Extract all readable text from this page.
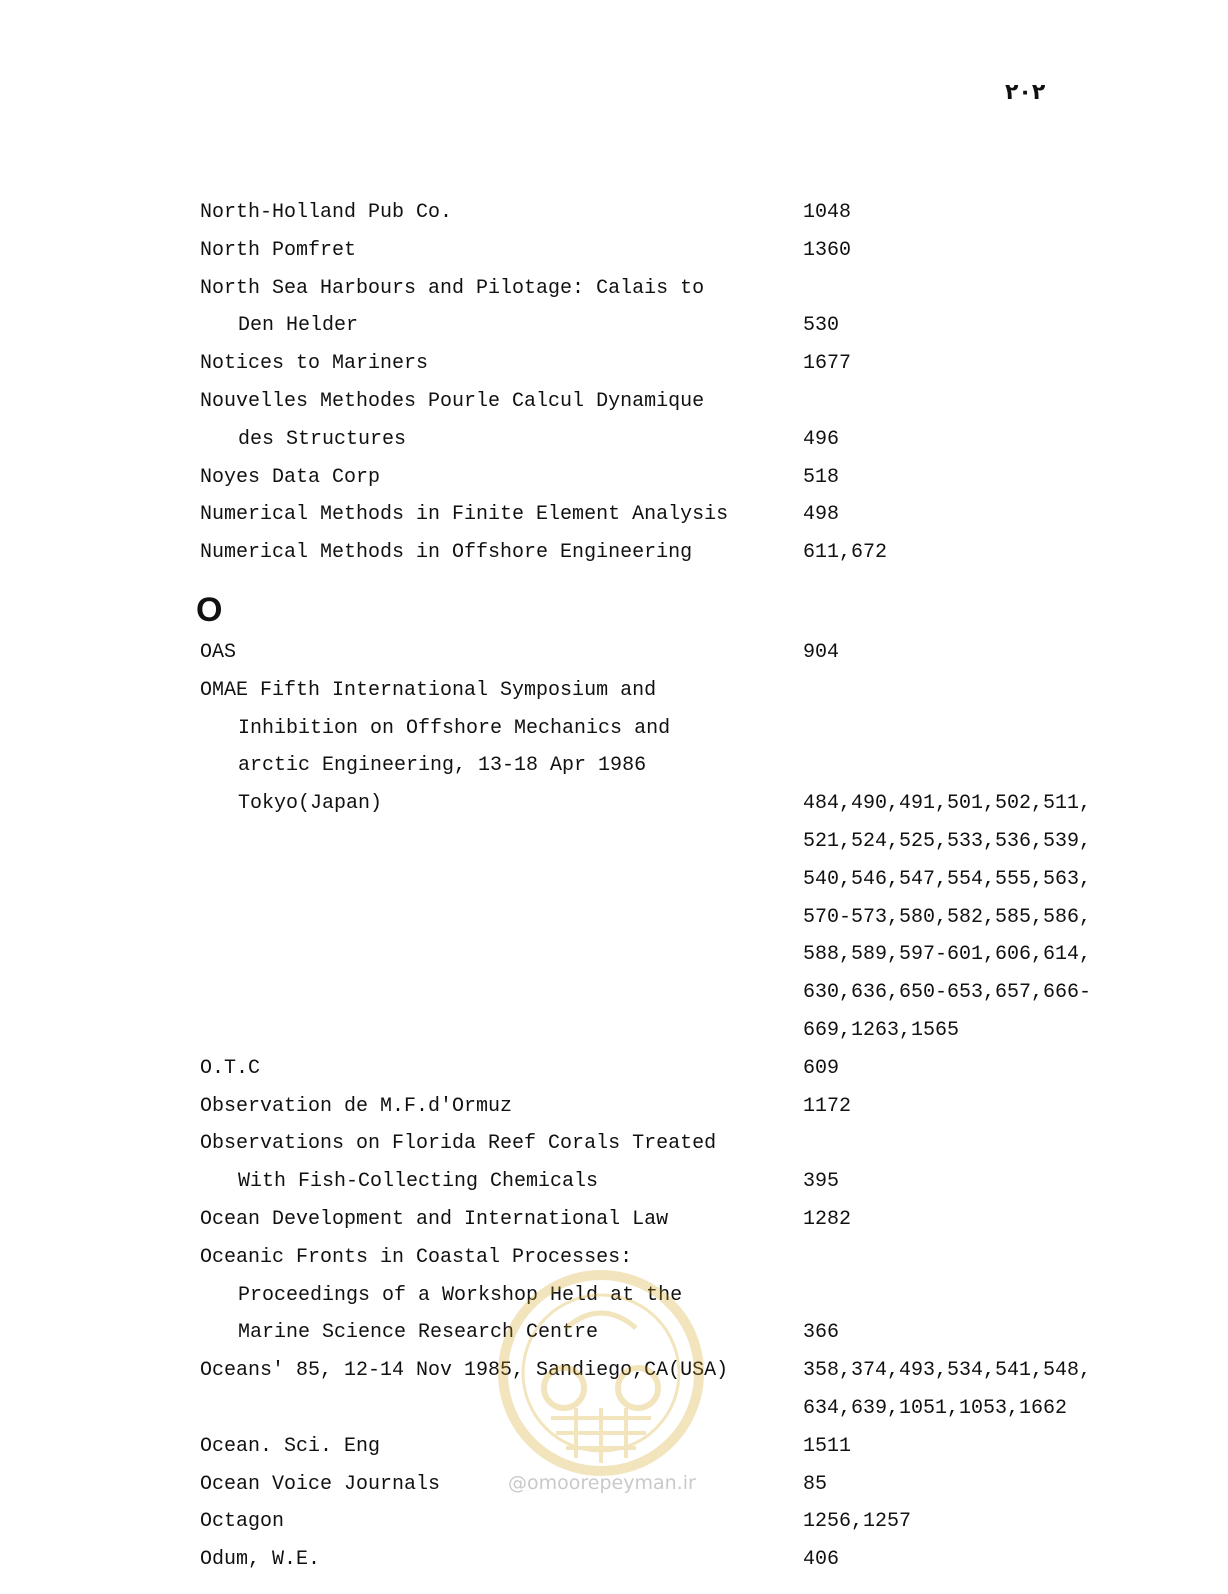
۲۰۲
North-Holland Pub Co.	1048
North Pomfret	1360
North Sea Harbours and Pilotage: Calais to
Den Helder	530
Notices to Mariners	1677
Nouvelles Methodes Pourle Calcul Dynamique
des Structures	496
Noyes Data Corp	518
Numerical Methods in Finite Element Analysis	498
Numerical Methods in Offshore Engineering	611,672
OAS	904
OMAE Fifth International Symposium and
Inhibition on Offshore Mechanics and
arctic Engineering, 13-18 Apr 1986
Tokyo(Japan)	484,490,491,501,502,511,
521,524,525,533,536,539,
540,546,547,554,555,563,
570-573,580,582,585,586,
588,589,597-601,606,614,
630,636,650-653,657,666-
669,1263,1565
O.T.C	609
Observation de M.F.d'Ormuz	1172
Observations on Florida Reef Corals Treated
With Fish-Collecting Chemicals	395
Ocean Development and International Law	1282
Oceanic Fronts in Coastal Processes:
Proceedings of a Workshop Held at the
Marine Science Research Centre	366
Oceans' 85, 12-14 Nov 1985, Sandiego,CA(USA)	358,374,493,534,541,548,
634,639,1051,1053,1662
Ocean. Sci. Eng	1511
Ocean Voice Journals	85
Octagon	1256,1257
Odum, W.E.	406
O
@omoorepeyman.ir
